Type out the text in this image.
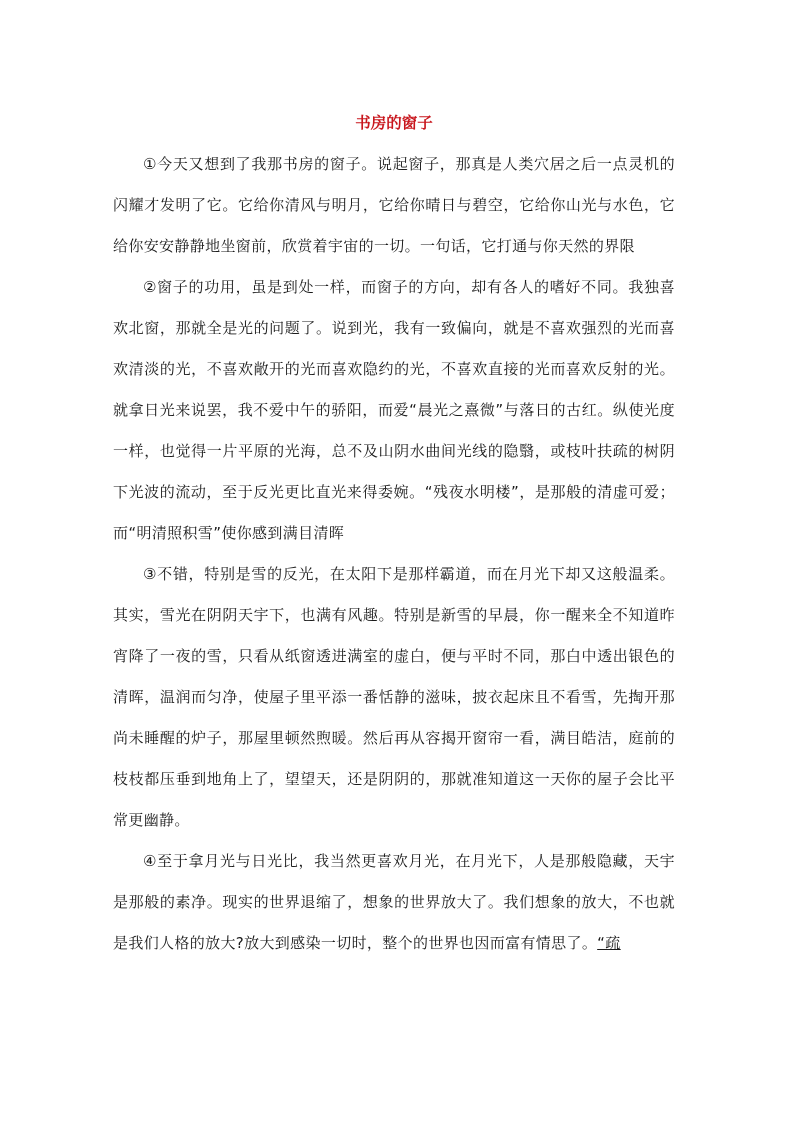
书房的窗子

①今天又想到了我那书房的窗子。说起窗子，那真是人类穴居之后一点灵机的闪耀才发明了它。它给你清风与明月，它给你晴日与碧空，它给你山光与水色，它给你安安静静地坐窗前，欣赏着宇宙的一切。一句话，它打通与你天然的界限

②窗子的功用，虽是到处一样，而窗子的方向，却有各人的嗜好不同。我独喜欢北窗，那就全是光的问题了。说到光，我有一致偏向，就是不喜欢强烈的光而喜欢清淡的光，不喜欢敞开的光而喜欢隐约的光，不喜欢直接的光而喜欢反射的光。就拿日光来说罢，我不爱中午的骄阳，而爱“晨光之熹微”与落日的古红。纵使光度一样，也觉得一片平原的光海，总不及山阴水曲间光线的隐翳，或枝叶扶疏的树阴下光波的流动，至于反光更比直光来得委婉。“残夜水明楼”，是那般的清虚可爱；而“明清照积雪”使你感到满目清晖

③不错，特别是雪的反光，在太阳下是那样霸道，而在月光下却又这般温柔。其实，雪光在阴阴天宇下，也满有风趣。特别是新雪的早晨，你一醒来全不知道昨宵降了一夜的雪，只看从纸窗透进满室的虚白，便与平时不同，那白中透出银色的清晖，温润而匀净，使屋子里平添一番恬静的滋味，披衣起床且不看雪，先掏开那尚未睡醒的炉子，那屋里顿然煦暖。然后再从容揭开窗帘一看，满目皓洁，庭前的枝枝都压垂到地角上了，望望天，还是阴阴的，那就准知道这一天你的屋子会比平常更幽静。

④至于拿月光与日光比，我当然更喜欢月光，在月光下，人是那般隐藏，天宇是那般的素净。现实的世界退缩了，想象的世界放大了。我们想象的放大，不也就是我们人格的放大?放大到感染一切时，整个的世界也因而富有情思了。“疏
